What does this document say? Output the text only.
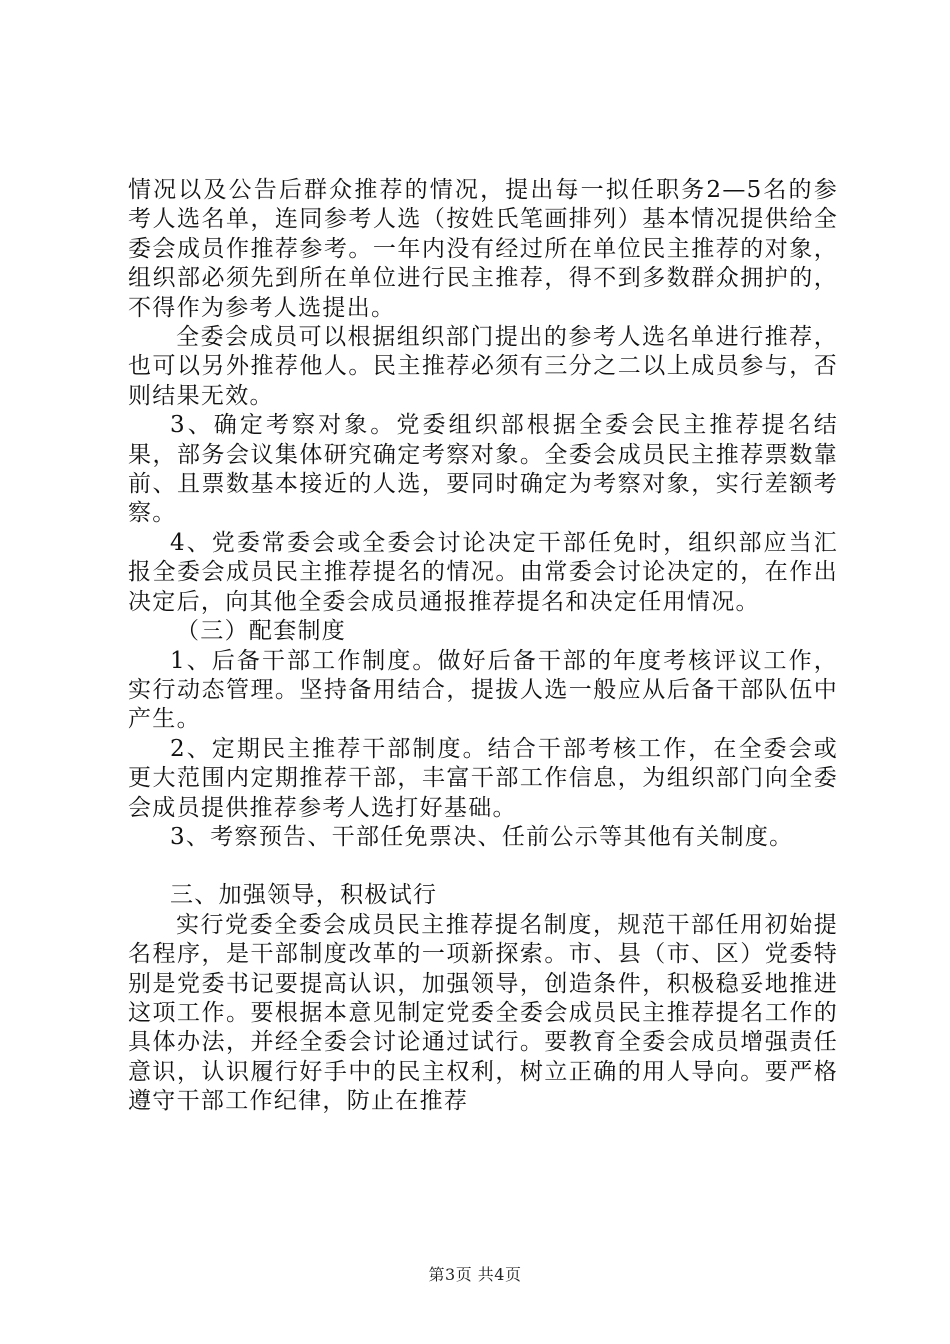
情况以及公告后群众推荐的情况，提出每一拟任职务2—5名的参考人选名单，连同参考人选（按姓氏笔画排列）基本情况提供给全委会成员作推荐参考。一年内没有经过所在单位民主推荐的对象，组织部必须先到所在单位进行民主推荐，得不到多数群众拥护的，不得作为参考人选提出。

全委会成员可以根据组织部门提出的参考人选名单进行推荐，也可以另外推荐他人。民主推荐必须有三分之二以上成员参与，否则结果无效。

3、确定考察对象。党委组织部根据全委会民主推荐提名结果，部务会议集体研究确定考察对象。全委会成员民主推荐票数靠前、且票数基本接近的人选，要同时确定为考察对象，实行差额考察。

4、党委常委会或全委会讨论决定干部任免时，组织部应当汇报全委会成员民主推荐提名的情况。由常委会讨论决定的，在作出决定后，向其他全委会成员通报推荐提名和决定任用情况。

（三）配套制度

1、后备干部工作制度。做好后备干部的年度考核评议工作，实行动态管理。坚持备用结合，提拔人选一般应从后备干部队伍中产生。

2、定期民主推荐干部制度。结合干部考核工作，在全委会或更大范围内定期推荐干部，丰富干部工作信息，为组织部门向全委会成员提供推荐参考人选打好基础。

3、考察预告、干部任免票决、任前公示等其他有关制度。

三、加强领导，积极试行

实行党委全委会成员民主推荐提名制度，规范干部任用初始提名程序，是干部制度改革的一项新探索。市、县（市、区）党委特别是党委书记要提高认识，加强领导，创造条件，积极稳妥地推进这项工作。要根据本意见制定党委全委会成员民主推荐提名工作的具体办法，并经全委会讨论通过试行。要教育全委会成员增强责任意识，认识履行好手中的民主权利，树立正确的用人导向。要严格遵守干部工作纪律，防止在推荐

第3页 共4页
